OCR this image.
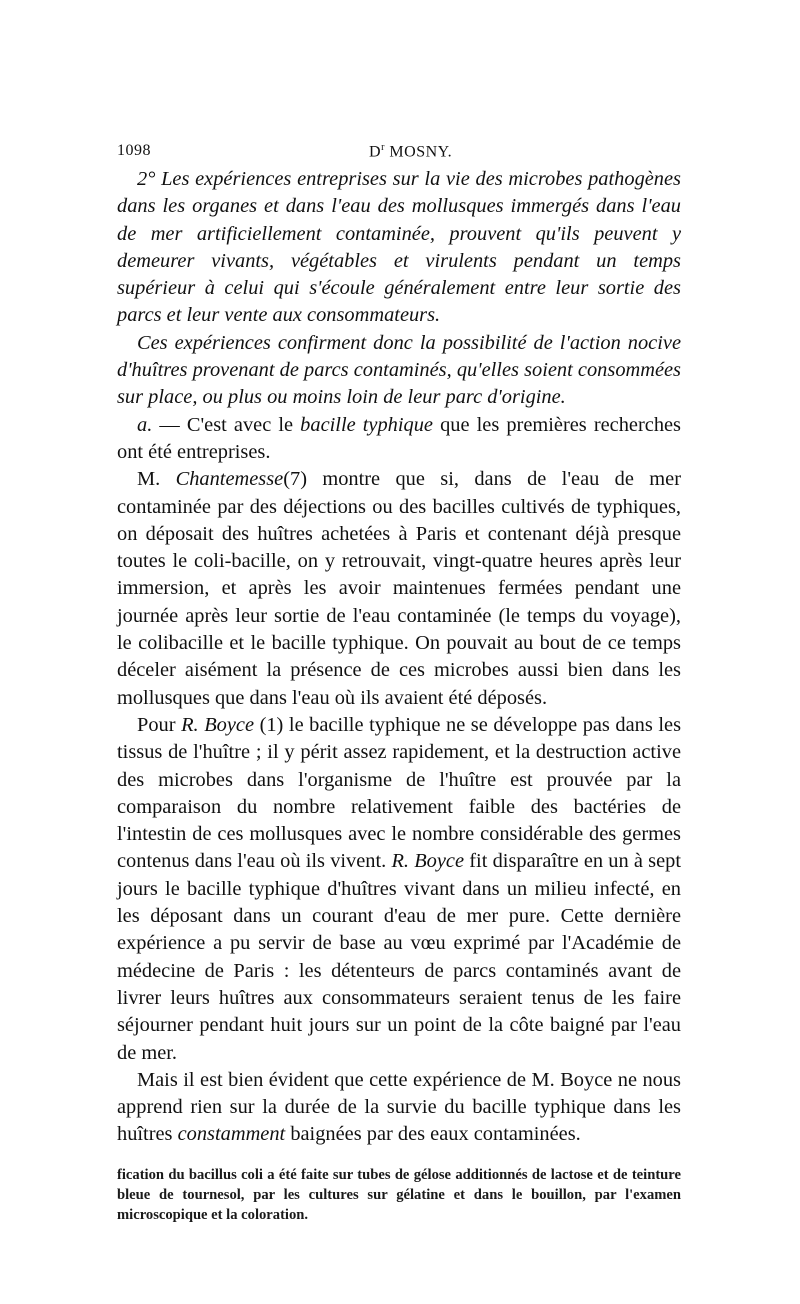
1098	$D^r$ MOSNY.

2° Les expériences entreprises sur la vie des microbes pathogènes dans les organes et dans l'eau des mollusques immergés dans l'eau de mer artificiellement contaminée, prouvent qu'ils peuvent y demeurer vivants, végétables et virulents pendant un temps supérieur à celui qui s'écoule généralement entre leur sortie des parcs et leur vente aux consommateurs.

Ces expériences confirment donc la possibilité de l'action nocive d'huîtres provenant de parcs contaminés, qu'elles soient consommées sur place, ou plus ou moins loin de leur parc d'origine.

a. — C'est avec le bacille typhique que les premières recherches ont été entreprises.

M. Chantemesse(7) montre que si, dans de l'eau de mer contaminée par des déjections ou des bacilles cultivés de typhiques, on déposait des huîtres achetées à Paris et contenant déjà presque toutes le coli-bacille, on y retrouvait, vingt-quatre heures après leur immersion, et après les avoir maintenues fermées pendant une journée après leur sortie de l'eau contaminée (le temps du voyage), le colibacille et le bacille typhique. On pouvait au bout de ce temps déceler aisément la présence de ces microbes aussi bien dans les mollusques que dans l'eau où ils avaient été déposés.

Pour R. Boyce (1) le bacille typhique ne se développe pas dans les tissus de l'huître ; il y périt assez rapidement, et la destruction active des microbes dans l'organisme de l'huître est prouvée par la comparaison du nombre relativement faible des bactéries de l'intestin de ces mollusques avec le nombre considérable des germes contenus dans l'eau où ils vivent. R. Boyce fit disparaître en un à sept jours le bacille typhique d'huîtres vivant dans un milieu infecté, en les déposant dans un courant d'eau de mer pure. Cette dernière expérience a pu servir de base au vœu exprimé par l'Académie de médecine de Paris : les détenteurs de parcs contaminés avant de livrer leurs huîtres aux consommateurs seraient tenus de les faire séjourner pendant huit jours sur un point de la côte baigné par l'eau de mer.

Mais il est bien évident que cette expérience de M. Boyce ne nous apprend rien sur la durée de la survie du bacille typhique dans les huîtres constamment baignées par des eaux contaminées.

fication du bacillus coli a été faite sur tubes de gélose additionnés de lactose et de teinture bleue de tournesol, par les cultures sur gélatine et dans le bouillon, par l'examen microscopique et la coloration.
